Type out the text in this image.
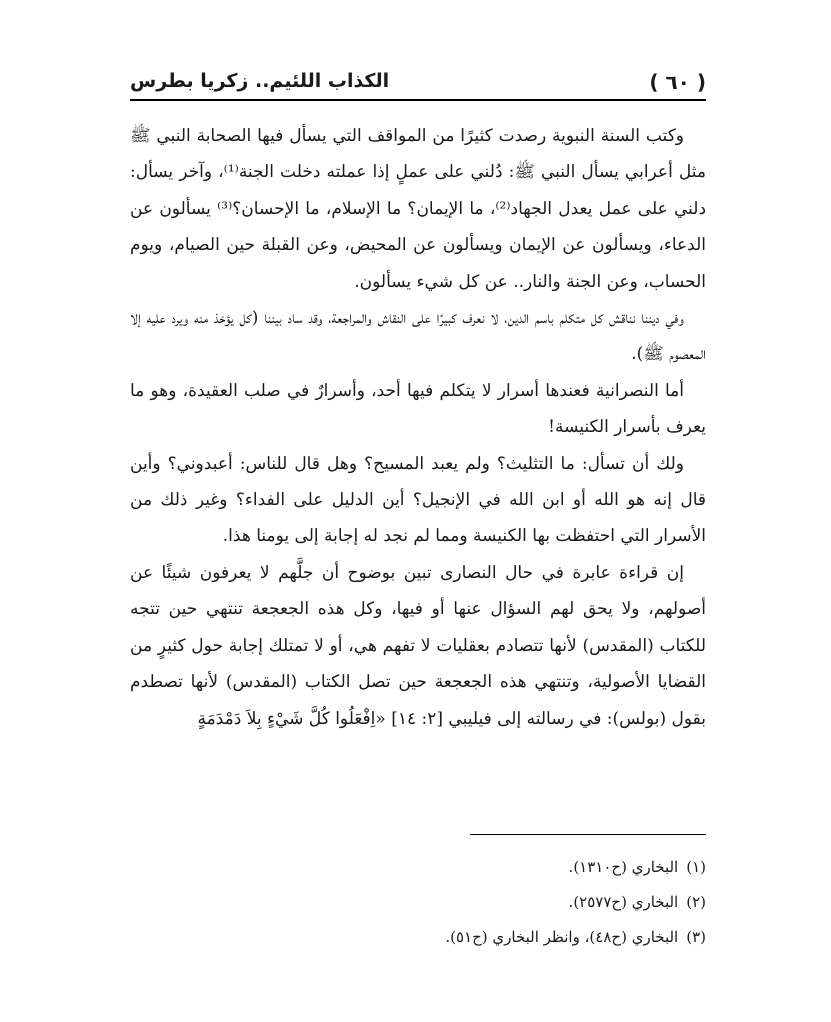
( ٦٠ )
الكذاب اللئيم.. زكريا بطرس

وكتب السنة النبوية رصدت كثيرًا من المواقف التي يسأل فيها الصحابة النبي ﷺ مثل أعرابي يسأل النبي ﷺ: دُلني على عملٍ إذا عملته دخلت الجنة⁽¹⁾، وآخر يسأل: دلني على عمل يعدل الجهاد⁽²⁾، ما الإيمان؟ ما الإسلام، ما الإحسان؟⁽³⁾ يسألون عن الدعاء، ويسألون عن الإيمان ويسألون عن المحيض، وعن القبلة حين الصيام، ويوم الحساب، وعن الجنة والنار.. عن كل شيء يسألون.

وفي ديننا نناقش كل متكلم باسم الدين، لا نعرف كبيرًا على النقاش والمراجعة، وقد ساد بيننا (كل يؤخذ منه ويرد عليه إلا المعصوم ﷺ).

أما النصرانية فعندها أسرار لا يتكلم فيها أحد، وأسرارٌ في صلب العقيدة، وهو ما يعرف بأسرار الكنيسة!

ولك أن تسأل: ما التثليث؟ ولم يعبد المسيح؟ وهل قال للناس: أعبدوني؟ وأين قال إنه هو الله أو ابن الله في الإنجيل؟ أين الدليل على الفداء؟ وغير ذلك من الأسرار التي احتفظت بها الكنيسة ومما لم نجد له إجابة إلى يومنا هذا.

إن قراءة عابرة في حال النصارى تبين بوضوح أن جلَّهم لا يعرفون شيئًا عن أصولهم، ولا يحق لهم السؤال عنها أو فيها، وكل هذه الجعجعة تنتهي حين تتجه للكتاب (المقدس) لأنها تتصادم بعقليات لا تفهم هي، أو لا تمتلك إجابة حول كثيرٍ من القضايا الأصولية، وتنتهي هذه الجعجعة حين تصل الكتاب (المقدس) لأنها تصطدم بقول (بولس): في رسالته إلى فيليبي [٢: ١٤] «اِفْعَلُوا كُلَّ شَيْءٍ بِلاَ دَمْدَمَةٍ

(١)البخاري (ح١٣١٠).
(٢)البخاري (ح٢٥٧٧).
(٣)البخاري (ح٤٨)، وانظر البخاري (ح٥١).
